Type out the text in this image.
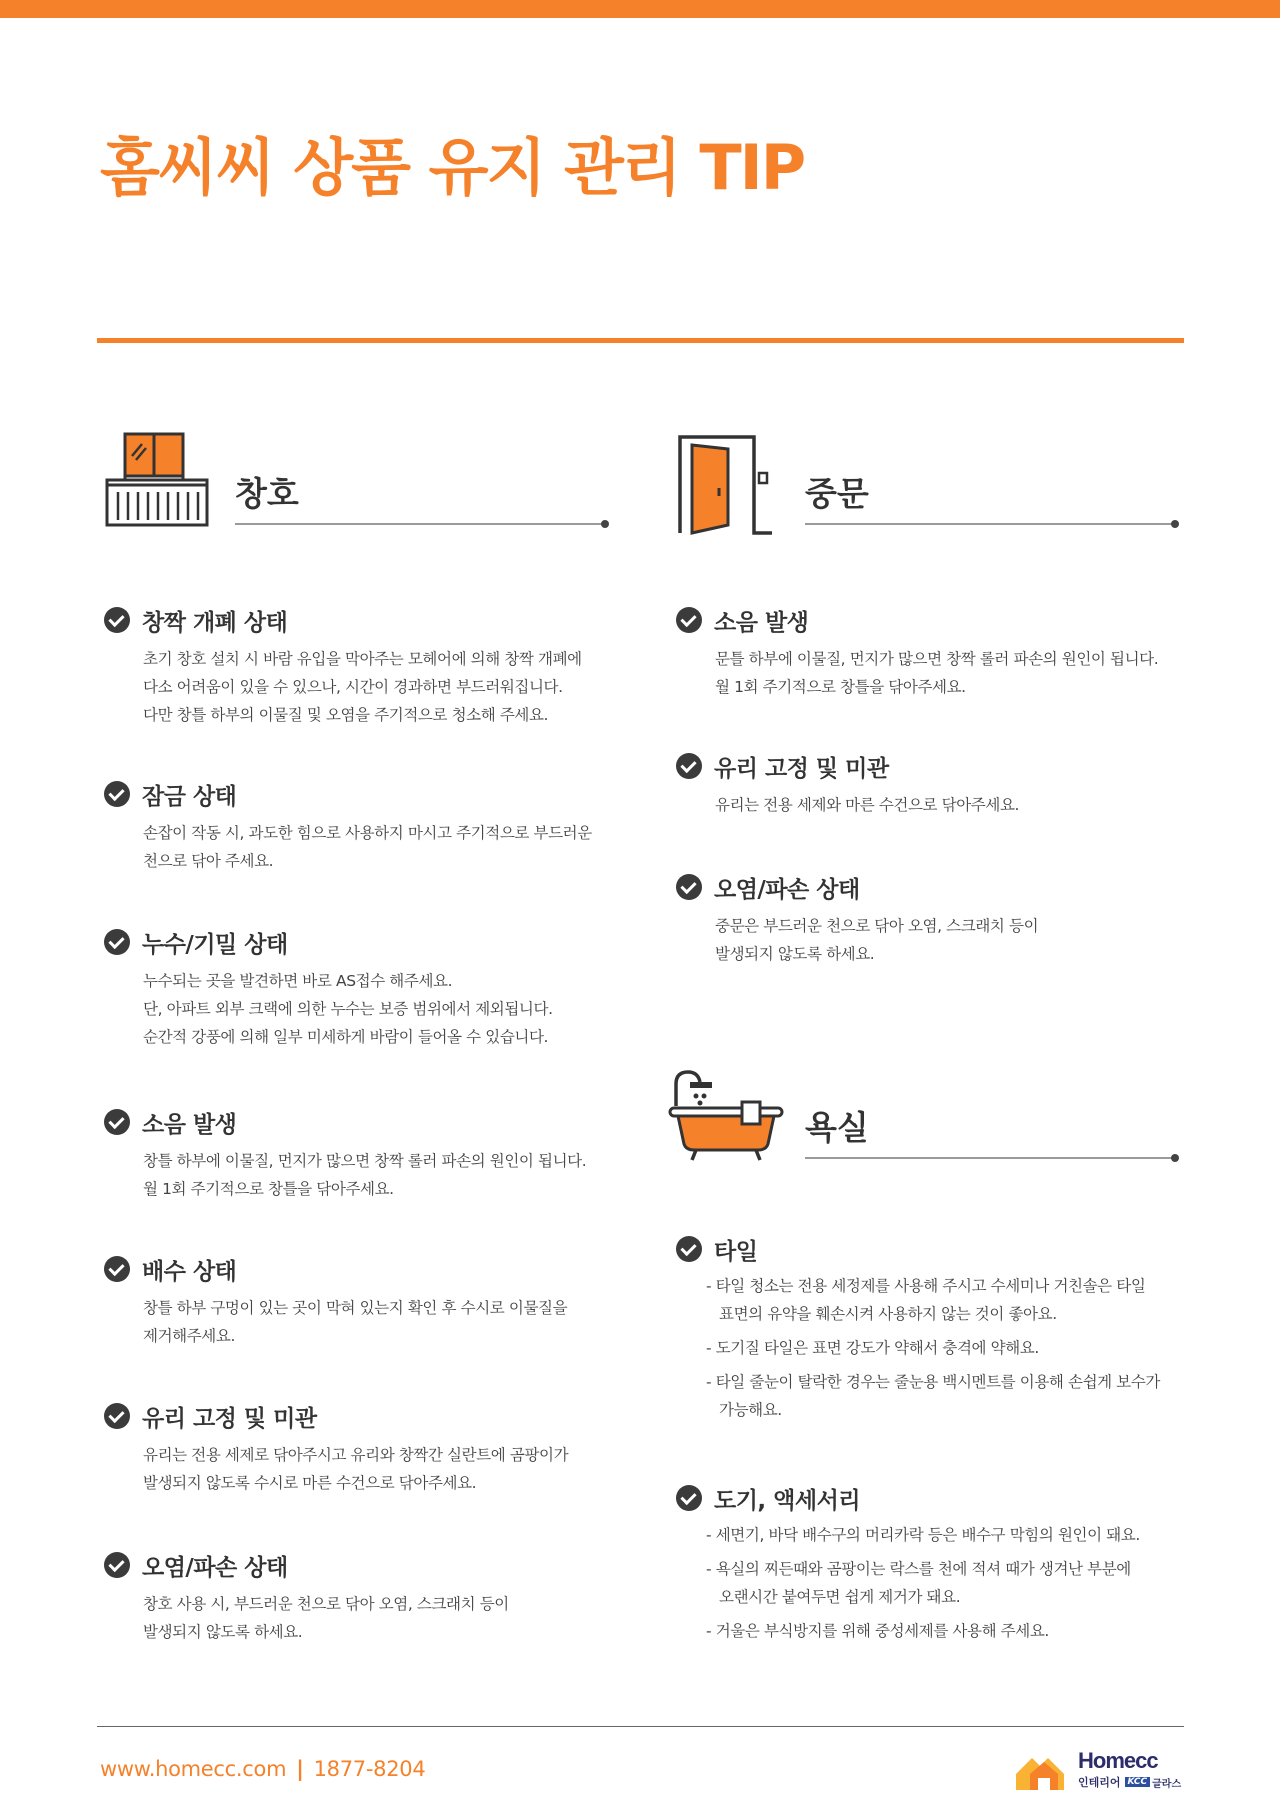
홈씨씨 상품 유지 관리 TIP
창호	중문
욕실
창짝 개폐 상태

초기 창호 설치 시 바람 유입을 막아주는 모헤어에 의해 창짝 개폐에

다소 어려움이 있을 수 있으나, 시간이 경과하면 부드러워집니다.

다만 창틀 하부의 이물질 및 오염을 주기적으로 청소해 주세요.

잠금 상태

손잡이 작동 시, 과도한 힘으로 사용하지 마시고 주기적으로 부드러운

천으로 닦아 주세요.

누수/기밀 상태

누수되는 곳을 발견하면 바로 AS접수 해주세요.

단, 아파트 외부 크랙에 의한 누수는 보증 범위에서 제외됩니다.

순간적 강풍에 의해 일부 미세하게 바람이 들어올 수 있습니다.

소음 발생

창틀 하부에 이물질, 먼지가 많으면 창짝 롤러 파손의 원인이 됩니다.

월 1회 주기적으로 창틀을 닦아주세요.

배수 상태

창틀 하부 구멍이 있는 곳이 막혀 있는지 확인 후 수시로 이물질을

제거해주세요.

유리 고정 및 미관

유리는 전용 세제로 닦아주시고 유리와 창짝간 실란트에 곰팡이가

발생되지 않도록 수시로 마른 수건으로 닦아주세요.

오염/파손 상태

창호 사용 시, 부드러운 천으로 닦아 오염, 스크래치 등이

발생되지 않도록 하세요.

소음 발생

문틀 하부에 이물질, 먼지가 많으면 창짝 롤러 파손의 원인이 됩니다.

월 1회 주기적으로 창틀을 닦아주세요.

유리 고정 및 미관

유리는 전용 세제와 마른 수건으로 닦아주세요.

오염/파손 상태

중문은 부드러운 천으로 닦아 오염, 스크래치 등이

발생되지 않도록 하세요.

타일
- 타일 청소는 전용 세정제를 사용해 주시고 수세미나 거친솔은 타일
표면의 유약을 훼손시켜 사용하지 않는 것이 좋아요.
- 도기질 타일은 표면 강도가 약해서 충격에 약해요.
- 타일 줄눈이 탈락한 경우는 줄눈용 백시멘트를 이용해 손쉽게 보수가
가능해요.
도기, 액세서리
- 세면기, 바닥 배수구의 머리카락 등은 배수구 막힘의 원인이 돼요.
- 욕실의 찌든때와 곰팡이는 락스를 천에 적셔 때가 생겨난 부분에
오랜시간 붙여두면 쉽게 제거가 돼요.
- 거울은 부식방지를 위해 중성세제를 사용해 주세요.
www.homecc.com | 1877-8204	Homecc
인테리어 KCC 글라스
